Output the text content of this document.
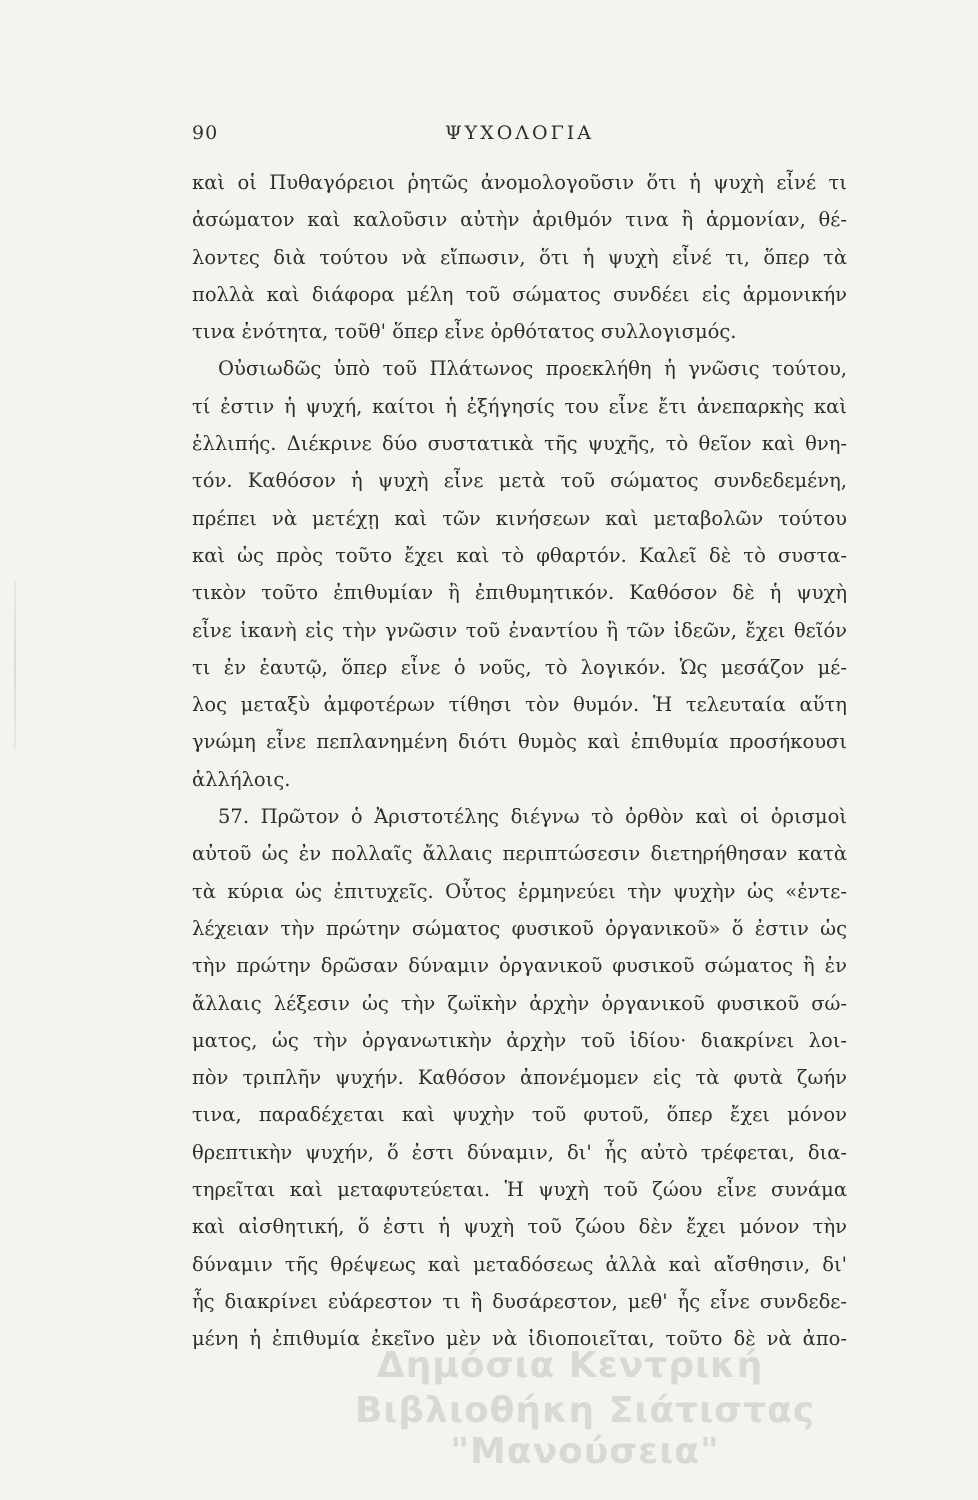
90	ΨΥΧΟΛΟΓΙΑ
καὶ οἱ Πυθαγόρειοι ῥητῶς ἀνομολογοῦσιν ὅτι ἡ ψυχὴ εἶνέ τι
ἀσώματον καὶ καλοῦσιν αὐτὴν ἀριθμόν τινα ἢ ἁρμονίαν, θέ-
λοντες διὰ τούτου νὰ εἴπωσιν, ὅτι ἡ ψυχὴ εἶνέ τι, ὅπερ τὰ
πολλὰ καὶ διάφορα μέλη τοῦ σώματος συνδέει εἰς ἁρμονικήν
τινα ἑνότητα, τοῦθ' ὅπερ εἶνε ὀρθότατος συλλογισμός.
Οὐσιωδῶς ὑπὸ τοῦ Πλάτωνος προεκλήθη ἡ γνῶσις τούτου,
τί ἐστιν ἡ ψυχή, καίτοι ἡ ἐξήγησίς του εἶνε ἔτι ἀνεπαρκὴς καὶ
ἐλλιπής. Διέκρινε δύο συστατικὰ τῆς ψυχῆς, τὸ θεῖον καὶ θνη-
τόν. Καθόσον ἡ ψυχὴ εἶνε μετὰ τοῦ σώματος συνδεδεμένη,
πρέπει νὰ μετέχῃ καὶ τῶν κινήσεων καὶ μεταβολῶν τούτου
καὶ ὡς πρὸς τοῦτο ἔχει καὶ τὸ φθαρτόν. Καλεῖ δὲ τὸ συστα-
τικὸν τοῦτο ἐπιθυμίαν ἢ ἐπιθυμητικόν. Καθόσον δὲ ἡ ψυχὴ
εἶνε ἱκανὴ εἰς τὴν γνῶσιν τοῦ ἐναντίου ἢ τῶν ἰδεῶν, ἔχει θεῖόν
τι ἐν ἑαυτῷ, ὅπερ εἶνε ὁ νοῦς, τὸ λογικόν. Ὡς μεσάζον μέ-
λος μεταξὺ ἀμφοτέρων τίθησι τὸν θυμόν. Ἡ τελευταία αὕτη
γνώμη εἶνε πεπλανημένη διότι θυμὸς καὶ ἐπιθυμία προσήκουσι
ἀλλήλοις.
57. Πρῶτον ὁ Ἀριστοτέλης διέγνω τὸ ὀρθὸν καὶ οἱ ὁρισμοὶ
αὐτοῦ ὡς ἐν πολλαῖς ἄλλαις περιπτώσεσιν διετηρήθησαν κατὰ
τὰ κύρια ὡς ἐπιτυχεῖς. Οὗτος ἑρμηνεύει τὴν ψυχὴν ὡς «ἐντε-
λέχειαν τὴν πρώτην σώματος φυσικοῦ ὀργανικοῦ» ὅ ἐστιν ὡς
τὴν πρώτην δρῶσαν δύναμιν ὀργανικοῦ φυσικοῦ σώματος ἢ ἐν
ἄλλαις λέξεσιν ὡς τὴν ζωϊκὴν ἀρχὴν ὀργανικοῦ φυσικοῦ σώ-
ματος, ὡς τὴν ὀργανωτικὴν ἀρχὴν τοῦ ἰδίου· διακρίνει λοι-
πὸν τριπλῆν ψυχήν. Καθόσον ἀπονέμομεν εἰς τὰ φυτὰ ζωήν
τινα, παραδέχεται καὶ ψυχὴν τοῦ φυτοῦ, ὅπερ ἔχει μόνον
θρεπτικὴν ψυχήν, ὅ ἐστι δύναμιν, δι' ἧς αὐτὸ τρέφεται, δια-
τηρεῖται καὶ μεταφυτεύεται. Ἡ ψυχὴ τοῦ ζώου εἶνε συνάμα
καὶ αἰσθητική, ὅ ἐστι ἡ ψυχὴ τοῦ ζώου δὲν ἔχει μόνον τὴν
δύναμιν τῆς θρέψεως καὶ μεταδόσεως ἀλλὰ καὶ αἴσθησιν, δι'
ἧς διακρίνει εὐάρεστον τι ἢ δυσάρεστον, μεθ' ἧς εἶνε συνδεδε-
μένη ἡ ἐπιθυμία ἐκεῖνο μὲν νὰ ἰδιοποιεῖται, τοῦτο δὲ νὰ ἀπο-
Δημόσια Κεντρική
Βιβλιοθήκη Σιάτιστας "Μανούσεια"
